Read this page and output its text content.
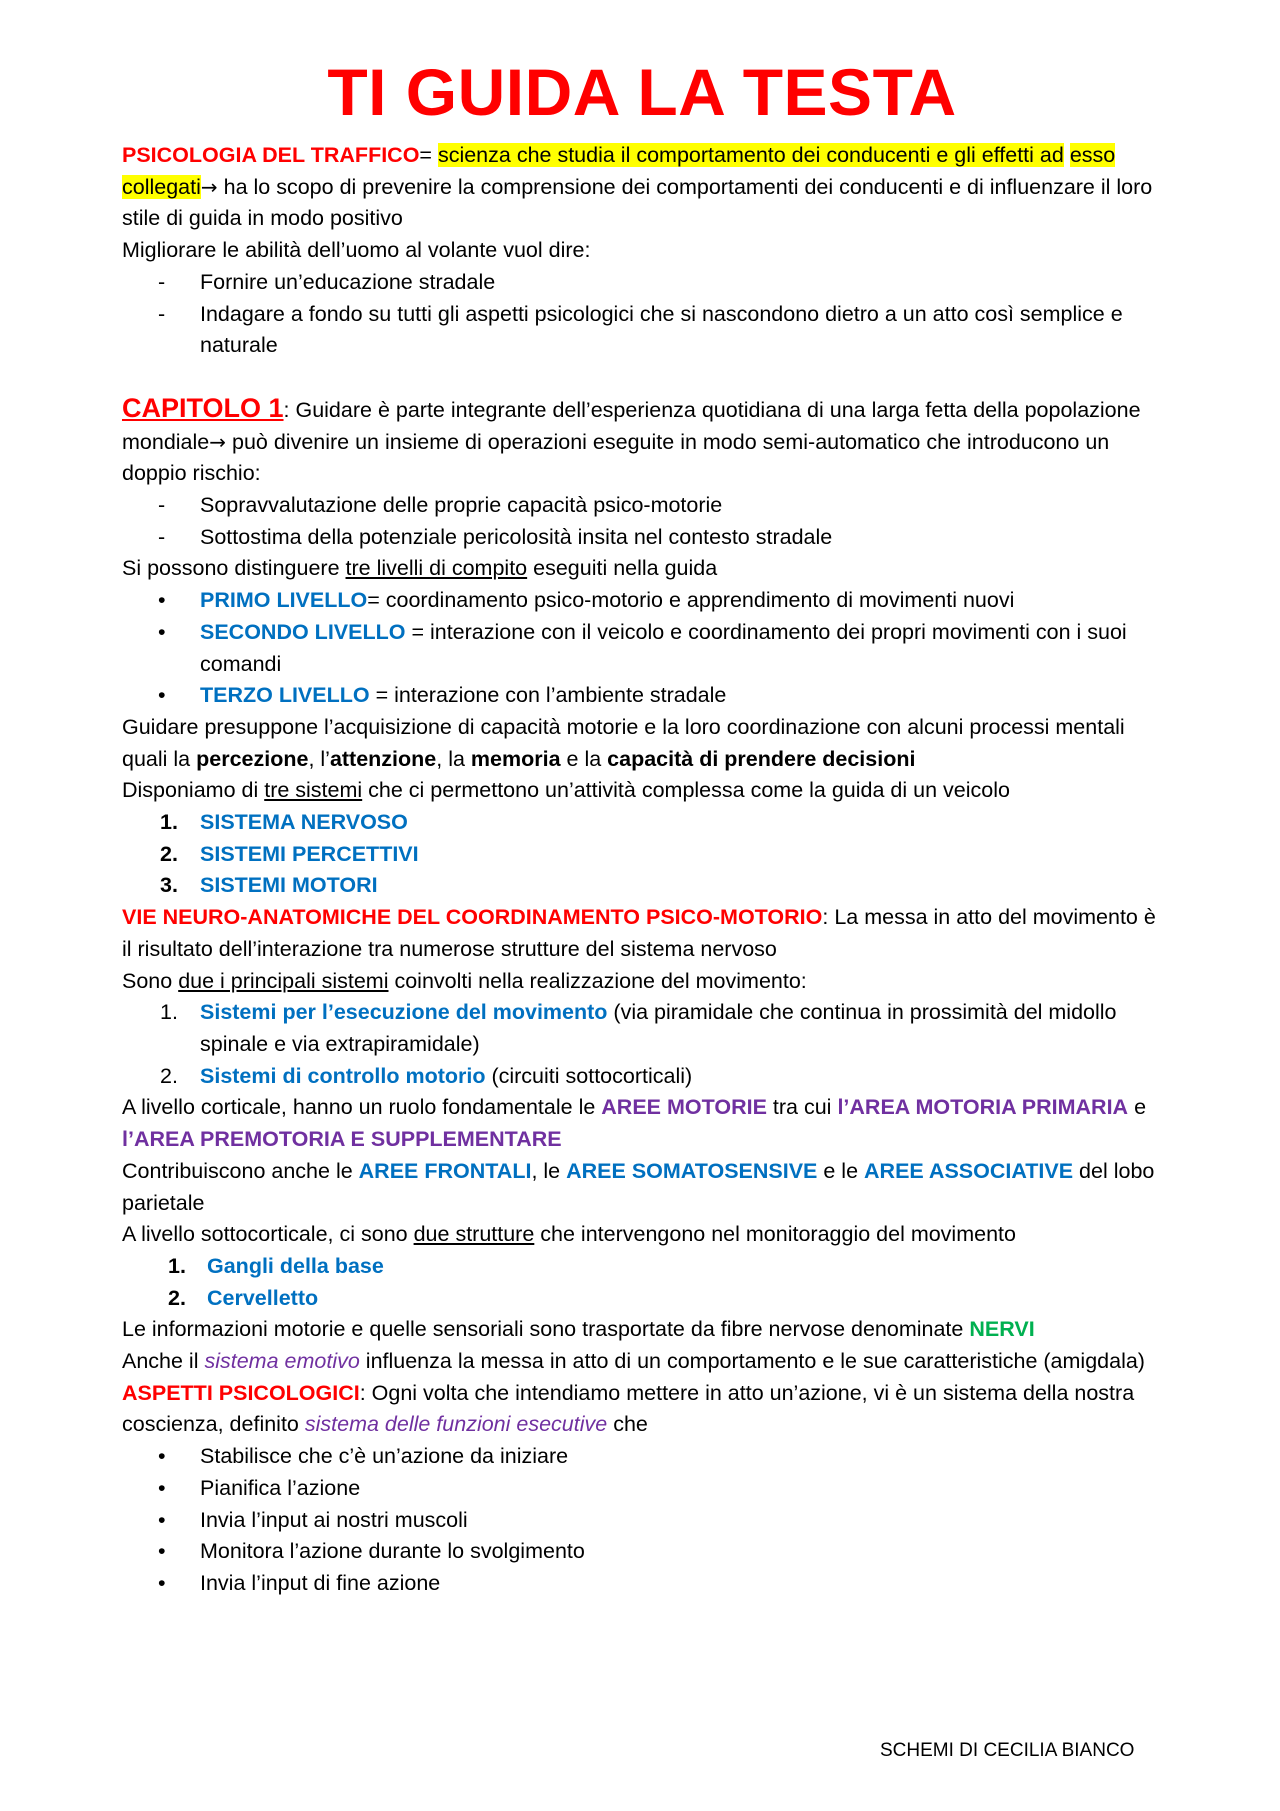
TI GUIDA LA TESTA

PSICOLOGIA DEL TRAFFICO= scienza che studia il comportamento dei conducenti e gli effetti ad esso collegati→ ha lo scopo di prevenire la comprensione dei comportamenti dei conducenti e di influenzare il loro stile di guida in modo positivo

Migliorare le abilità dell’uomo al volante vuol dire:

-	Fornire un’educazione stradale
-	Indagare a fondo su tutti gli aspetti psicologici che si nascondono dietro a un atto così semplice e naturale

CAPITOLO 1: Guidare è parte integrante dell’esperienza quotidiana di una larga fetta della popolazione mondiale→ può divenire un insieme di operazioni eseguite in modo semi-automatico che introducono un doppio rischio:

-	Sopravvalutazione delle proprie capacità psico-motorie
-	Sottostima della potenziale pericolosità insita nel contesto stradale

Si possono distinguere tre livelli di compito eseguiti nella guida

•	PRIMO LIVELLO= coordinamento psico-motorio e apprendimento di movimenti nuovi
•	SECONDO LIVELLO = interazione con il veicolo e coordinamento dei propri movimenti con i suoi comandi
•	TERZO LIVELLO = interazione con l’ambiente stradale

Guidare presuppone l’acquisizione di capacità motorie e la loro coordinazione con alcuni processi mentali quali la percezione, l’attenzione, la memoria e la capacità di prendere decisioni

Disponiamo di tre sistemi che ci permettono un’attività complessa come la guida di un veicolo

1.	SISTEMA NERVOSO
2.	SISTEMI PERCETTIVI
3.	SISTEMI MOTORI

VIE NEURO-ANATOMICHE DEL COORDINAMENTO PSICO-MOTORIO: La messa in atto del movimento è il risultato dell’interazione tra numerose strutture del sistema nervoso

Sono due i principali sistemi coinvolti nella realizzazione del movimento:

1.	Sistemi per l’esecuzione del movimento (via piramidale che continua in prossimità del midollo spinale e via extrapiramidale)
2.	Sistemi di controllo motorio (circuiti sottocorticali)

A livello corticale, hanno un ruolo fondamentale le AREE MOTORIE tra cui l’AREA MOTORIA PRIMARIA e l’AREA PREMOTORIA E SUPPLEMENTARE

Contribuiscono anche le AREE FRONTALI, le AREE SOMATOSENSIVE e le AREE ASSOCIATIVE del lobo parietale

A livello sottocorticale, ci sono due strutture che intervengono nel monitoraggio del movimento

1. Gangli della base
2. Cervelletto

Le informazioni motorie e quelle sensoriali sono trasportate da fibre nervose denominate NERVI

Anche il sistema emotivo influenza la messa in atto di un comportamento e le sue caratteristiche (amigdala)

ASPETTI PSICOLOGICI: Ogni volta che intendiamo mettere in atto un’azione, vi è un sistema della nostra coscienza, definito sistema delle funzioni esecutive che

•	Stabilisce che c’è un’azione da iniziare
•	Pianifica l’azione
•	Invia l’input ai nostri muscoli
•	Monitora l’azione durante lo svolgimento
•	Invia l’input di fine azione
SCHEMI DI CECILIA BIANCO
